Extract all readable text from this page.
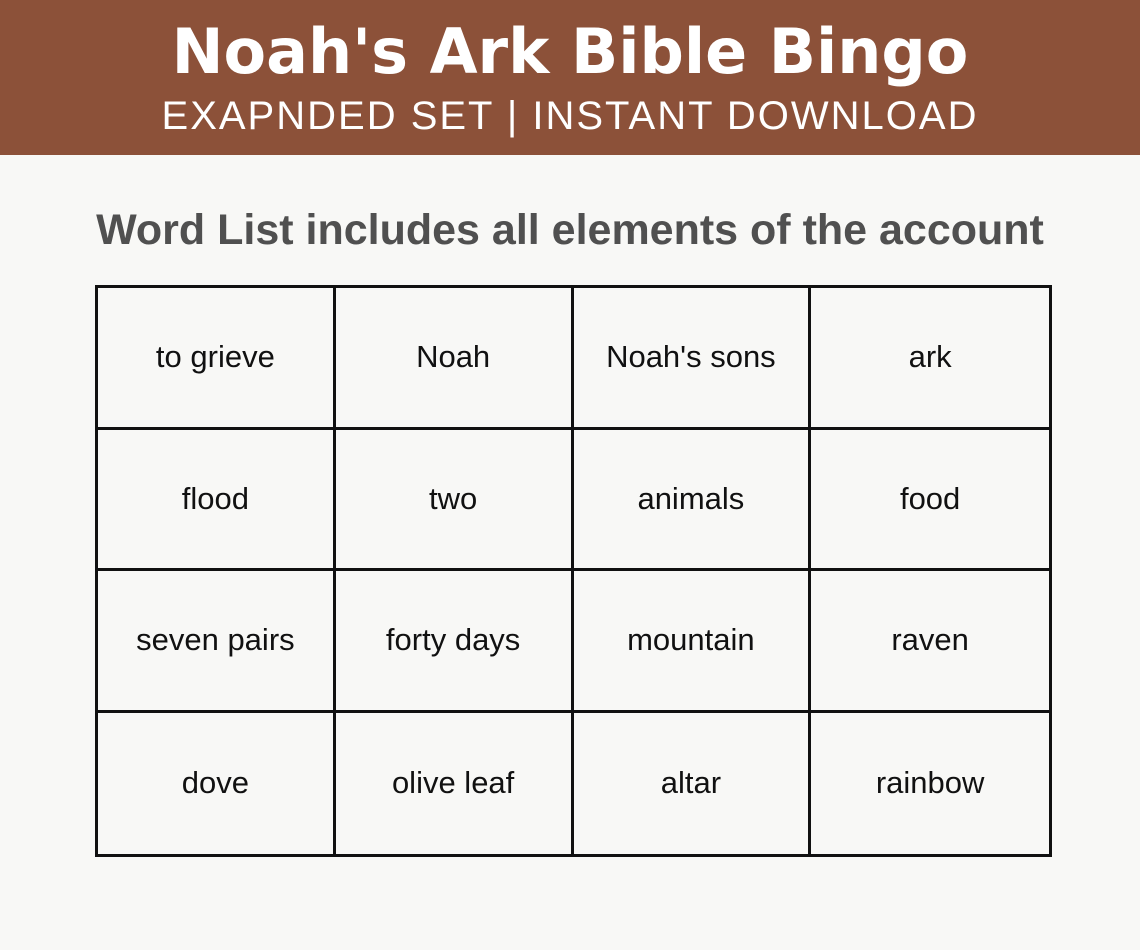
Noah's Ark Bible Bingo
EXAPNDED SET | INSTANT DOWNLOAD
Word List includes all elements of the account
to grieve	Noah	Noah's sons	ark
flood	two	animals	food
seven pairs	forty days	mountain	raven
dove	olive leaf	altar	rainbow
